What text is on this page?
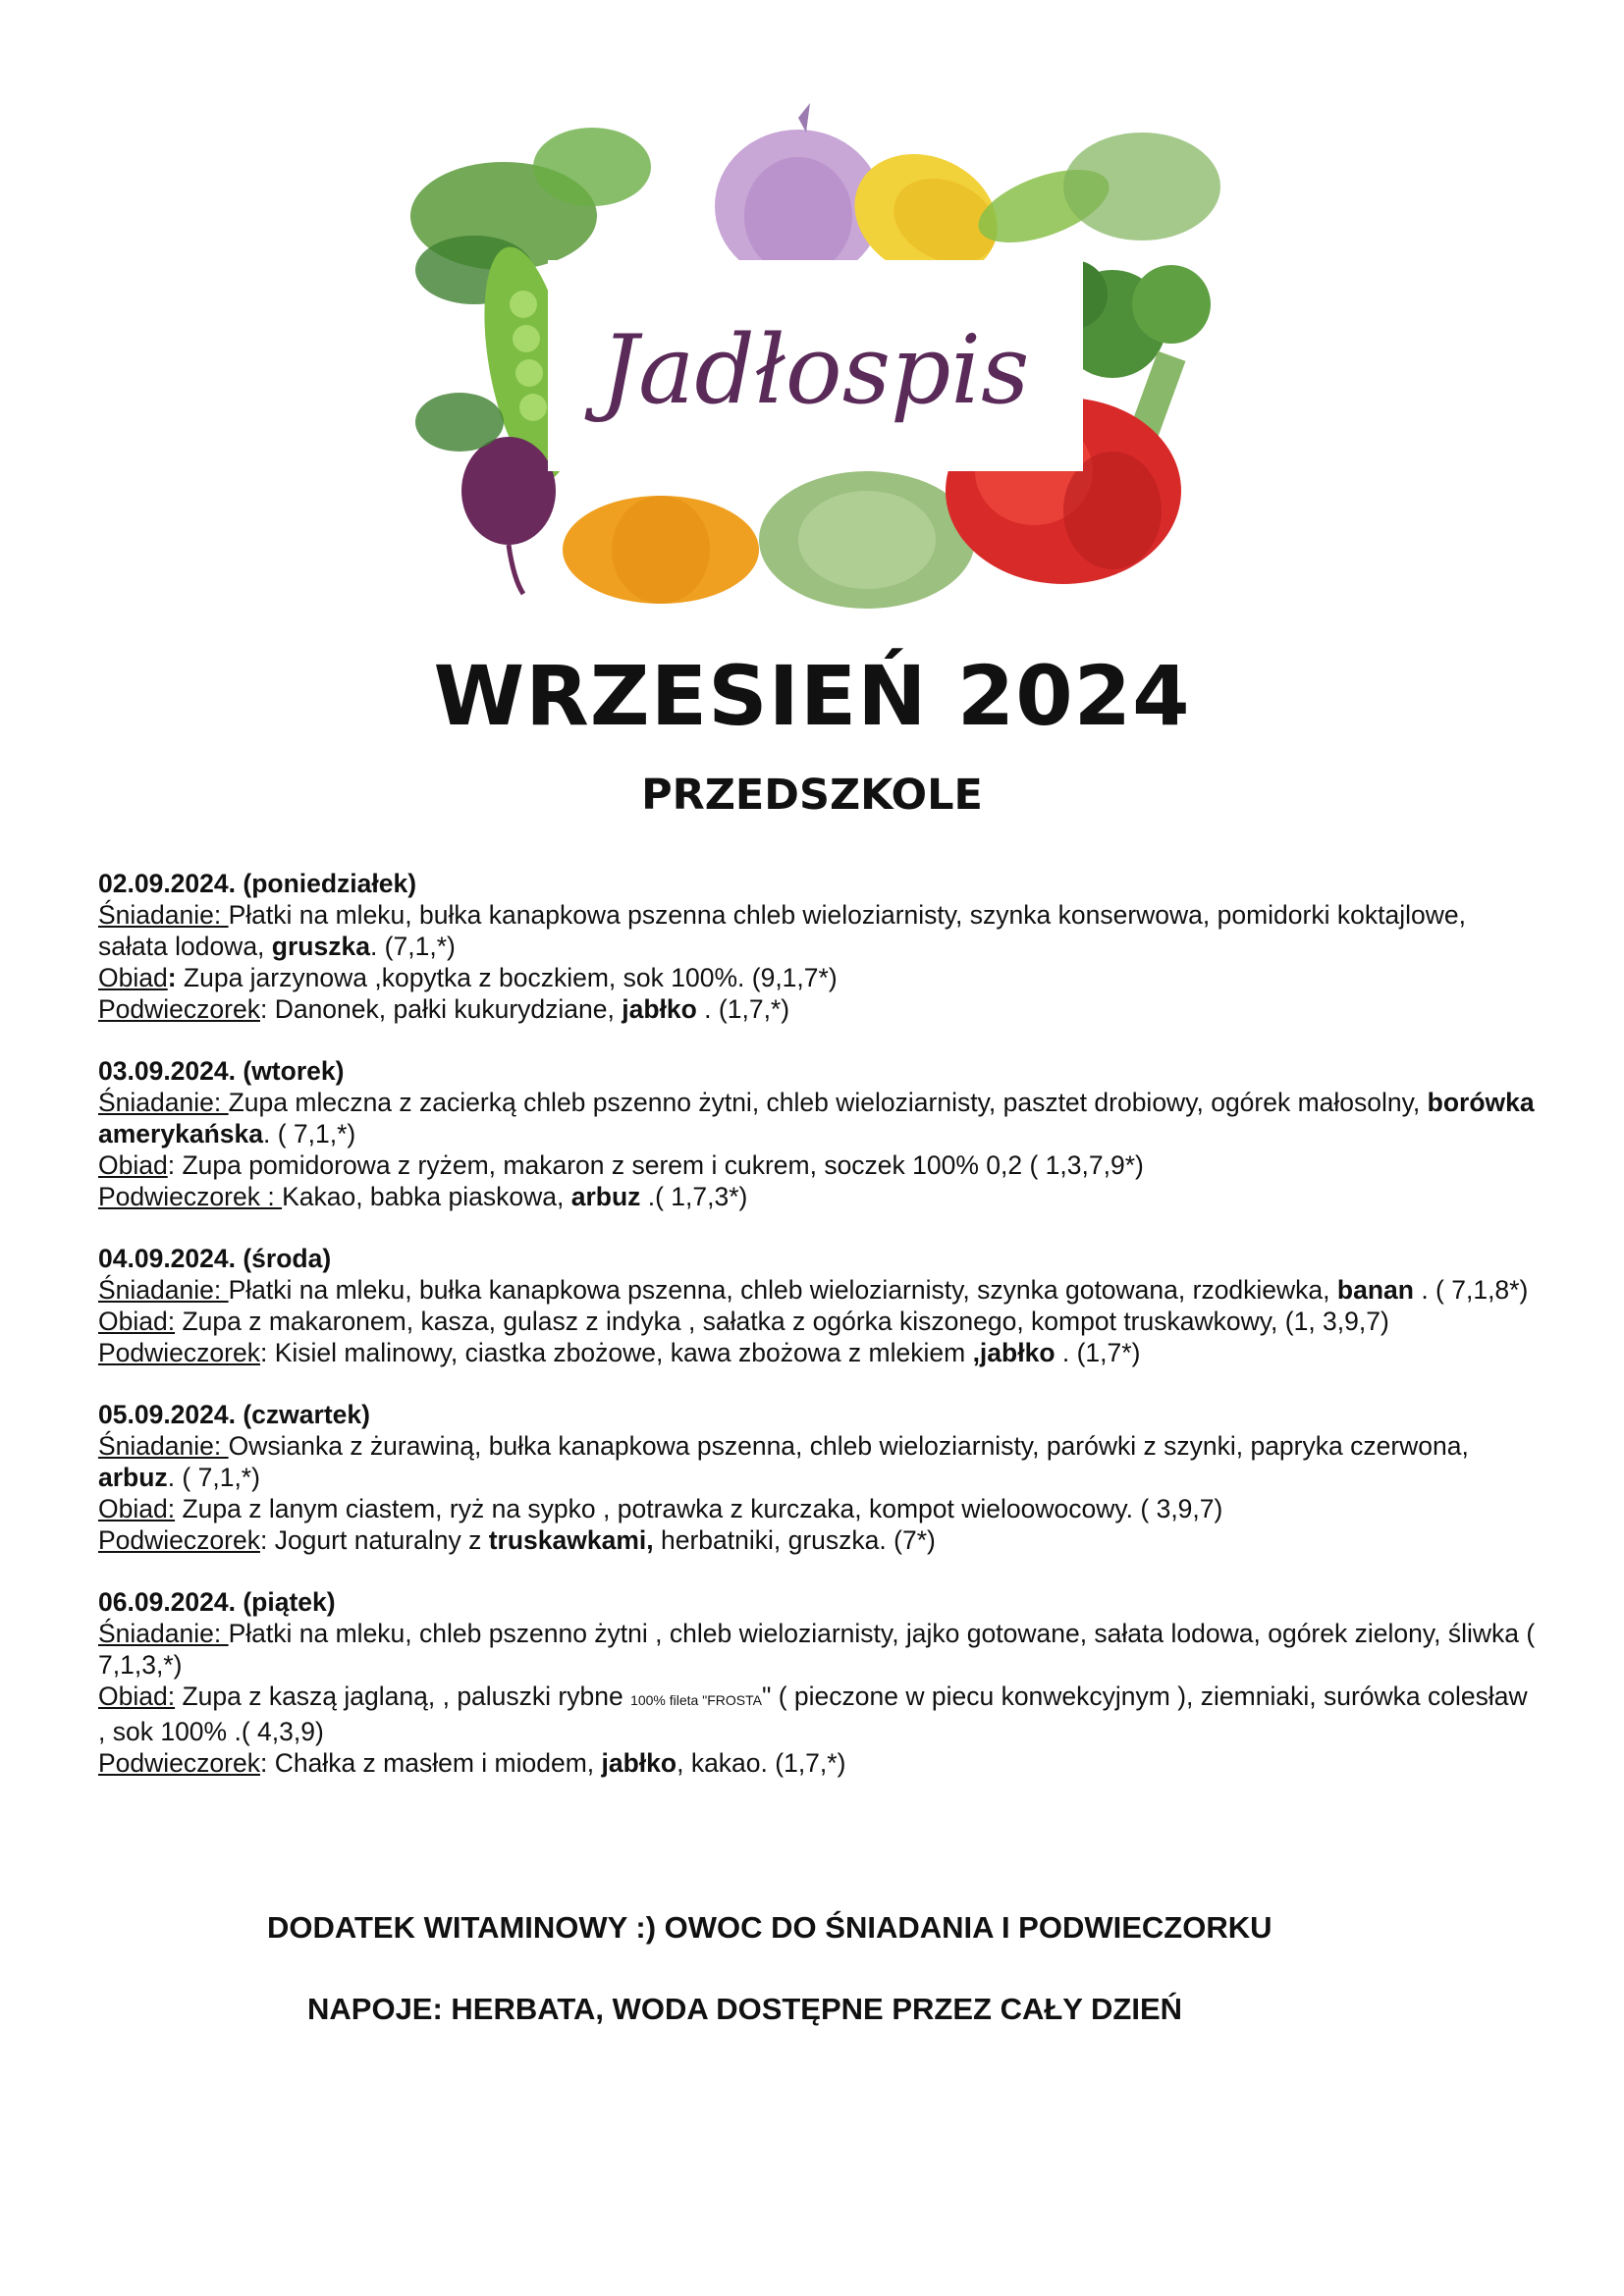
Jadłospis
WRZESIEŃ 2024
PRZEDSZKOLE
02.09.2024. (poniedziałek)
Śniadanie: Płatki na mleku, bułka kanapkowa pszenna chleb wieloziarnisty, szynka konserwowa, pomidorki koktajlowe, sałata lodowa, gruszka. (7,1,*)
Obiad: Zupa jarzynowa ,kopytka z boczkiem, sok 100%. (9,1,7*)
Podwieczorek: Danonek, pałki kukurydziane, jabłko . (1,7,*)
03.09.2024. (wtorek)
Śniadanie: Zupa mleczna z zacierką chleb pszenno żytni, chleb wieloziarnisty, pasztet drobiowy, ogórek małosolny, borówka amerykańska. ( 7,1,*)
Obiad: Zupa pomidorowa z ryżem, makaron z serem i cukrem, soczek 100% 0,2 ( 1,3,7,9*)
Podwieczorek : Kakao, babka piaskowa, arbuz .( 1,7,3*)
04.09.2024. (środa)
Śniadanie: Płatki na mleku, bułka kanapkowa pszenna, chleb wieloziarnisty, szynka gotowana, rzodkiewka, banan . ( 7,1,8*)
Obiad: Zupa z makaronem, kasza, gulasz z indyka , sałatka z ogórka kiszonego, kompot truskawkowy, (1, 3,9,7)
Podwieczorek: Kisiel malinowy, ciastka zbożowe, kawa zbożowa z mlekiem ,jabłko . (1,7*)
05.09.2024. (czwartek)
Śniadanie: Owsianka z żurawiną, bułka kanapkowa pszenna, chleb wieloziarnisty, parówki z szynki, papryka czerwona, arbuz. ( 7,1,*)
Obiad: Zupa z lanym ciastem, ryż na sypko , potrawka z kurczaka, kompot wieloowocowy. ( 3,9,7)
Podwieczorek: Jogurt naturalny z truskawkami, herbatniki, gruszka. (7*)
06.09.2024. (piątek)
Śniadanie: Płatki na mleku, chleb pszenno żytni , chleb wieloziarnisty, jajko gotowane, sałata lodowa, ogórek zielony, śliwka ( 7,1,3,*)
Obiad: Zupa z kaszą jaglaną, , paluszki rybne 100% fileta "FROSTA" ( pieczone w piecu konwekcyjnym ), ziemniaki, surówka colesław , sok 100% .( 4,3,9)
Podwieczorek: Chałka z masłem i miodem, jabłko, kakao. (1,7,*)
DODATEK WITAMINOWY :) OWOC DO ŚNIADANIA I PODWIECZORKU
NAPOJE: HERBATA, WODA DOSTĘPNE PRZEZ CAŁY DZIEŃ
